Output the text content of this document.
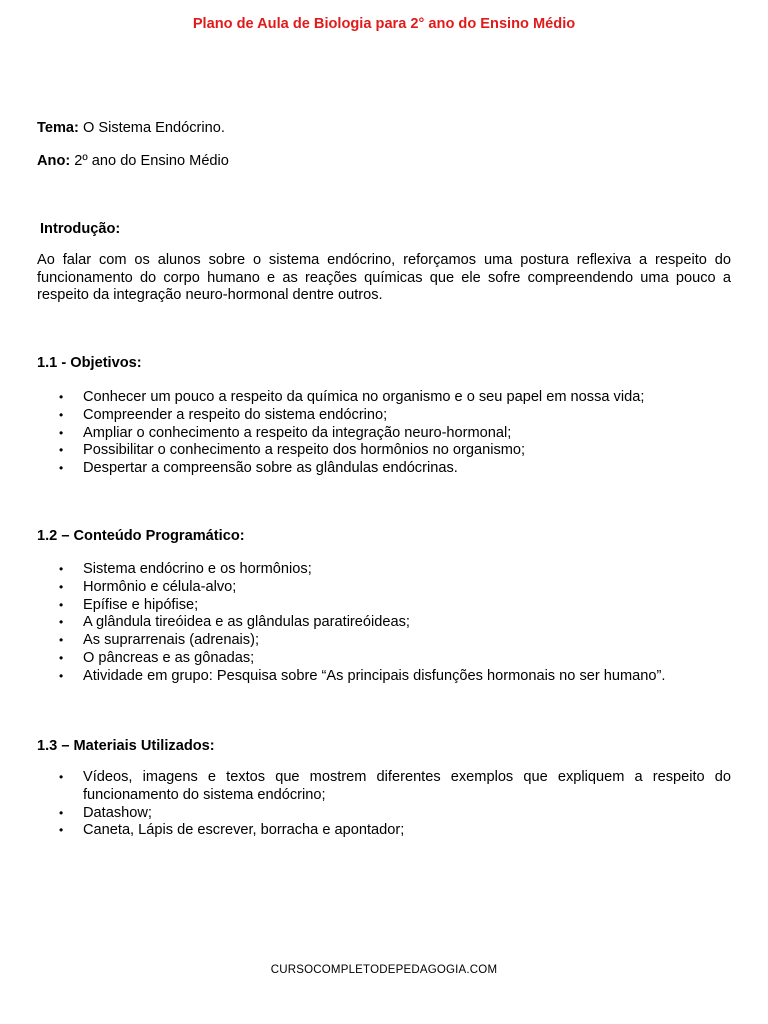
Plano de Aula de Biologia para 2° ano do Ensino Médio
Tema: O Sistema Endócrino.
Ano: 2º ano do Ensino Médio
Introdução:
Ao falar com os alunos sobre o sistema endócrino, reforçamos uma postura reflexiva a respeito do
funcionamento do corpo humano e as reações químicas que ele sofre compreendendo uma pouco a
respeito da integração neuro-hormonal dentre outros.
1.1 - Objetivos:
• Conhecer um pouco a respeito da química no organismo e o seu papel em nossa vida;
• Compreender a respeito do sistema endócrino;
• Ampliar o conhecimento a respeito da integração neuro-hormonal;
• Possibilitar o conhecimento a respeito dos hormônios no organismo;
• Despertar a compreensão sobre as glândulas endócrinas.
1.2 – Conteúdo Programático:
• Sistema endócrino e os hormônios;
• Hormônio e célula-alvo;
• Epífise e hipófise;
• A glândula tireóidea e as glândulas paratireóideas;
• As suprarrenais (adrenais);
• O pâncreas e as gônadas;
• Atividade em grupo: Pesquisa sobre “As principais disfunções hormonais no ser humano”.
1.3 – Materiais Utilizados:
• Vídeos, imagens e textos que mostrem diferentes exemplos que expliquem a respeito do
funcionamento do sistema endócrino;
• Datashow;
• Caneta, Lápis de escrever, borracha e apontador;
CURSOCOMPLETODEPEDAGOGIA.COM
